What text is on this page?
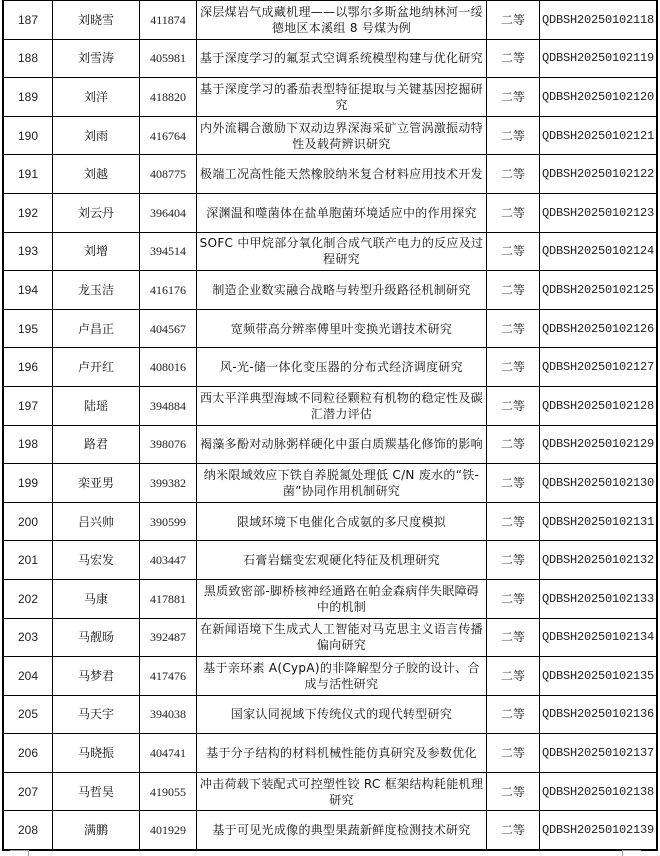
187	刘晓雪	411874	深层煤岩气成藏机理——以鄂尔多斯盆地纳林河一绥德地区本溪组 8 号煤为例	二等	QDBSH20250102118
188	刘雪涛	405981	基于深度学习的氟泵式空调系统模型构建与优化研究	二等	QDBSH20250102119
189	刘洋	418820	基于深度学习的番茄表型特征提取与关键基因挖掘研究	二等	QDBSH20250102120
190	刘雨	416764	内外流耦合激励下双动边界深海采矿立管涡激振动特性及载荷辨识研究	二等	QDBSH20250102121
191	刘越	408775	极端工况高性能天然橡胶纳米复合材料应用技术开发	二等	QDBSH20250102122
192	刘云丹	396404	深渊温和噬菌体在盐单胞菌环境适应中的作用探究	二等	QDBSH20250102123
193	刘增	394514	SOFC 中甲烷部分氧化制合成气联产电力的反应及过程研究	二等	QDBSH20250102124
194	龙玉洁	416176	制造企业数实融合战略与转型升级路径机制研究	二等	QDBSH20250102125
195	卢昌正	404567	宽频带高分辨率傅里叶变换光谱技术研究	二等	QDBSH20250102126
196	卢开红	408016	风-光-储一体化变压器的分布式经济调度研究	二等	QDBSH20250102127
197	陆瑶	394884	西太平洋典型海域不同粒径颗粒有机物的稳定性及碳汇潜力评估	二等	QDBSH20250102128
198	路君	398076	褐藻多酚对动脉粥样硬化中蛋白质羰基化修饰的影响	二等	QDBSH20250102129
199	栾亚男	399382	纳米限域效应下铁自养脱氮处理低 C/N 废水的“铁-菌”协同作用机制研究	二等	QDBSH20250102130
200	吕兴帅	390599	限域环境下电催化合成氨的多尺度模拟	二等	QDBSH20250102131
201	马宏发	403447	石膏岩蠕变宏观硬化特征及机理研究	二等	QDBSH20250102132
202	马康	417881	黑质致密部-脚桥核神经通路在帕金森病伴失眠障碍中的机制	二等	QDBSH20250102133
203	马靓旸	392487	在新闻语境下生成式人工智能对马克思主义语言传播偏向研究	二等	QDBSH20250102134
204	马梦君	417476	基于亲环素 A(CypA)的非降解型分子胶的设计、合成与活性研究	二等	QDBSH20250102135
205	马天宇	394038	国家认同视域下传统仪式的现代转型研究	二等	QDBSH20250102136
206	马晓振	404741	基于分子结构的材料机械性能仿真研究及参数优化	二等	QDBSH20250102137
207	马哲昊	419055	冲击荷载下装配式可控塑性铰 RC 框架结构耗能机理研究	二等	QDBSH20250102138
208	满鹏	401929	基于可见光成像的典型果蔬新鲜度检测技术研究	二等	QDBSH20250102139
